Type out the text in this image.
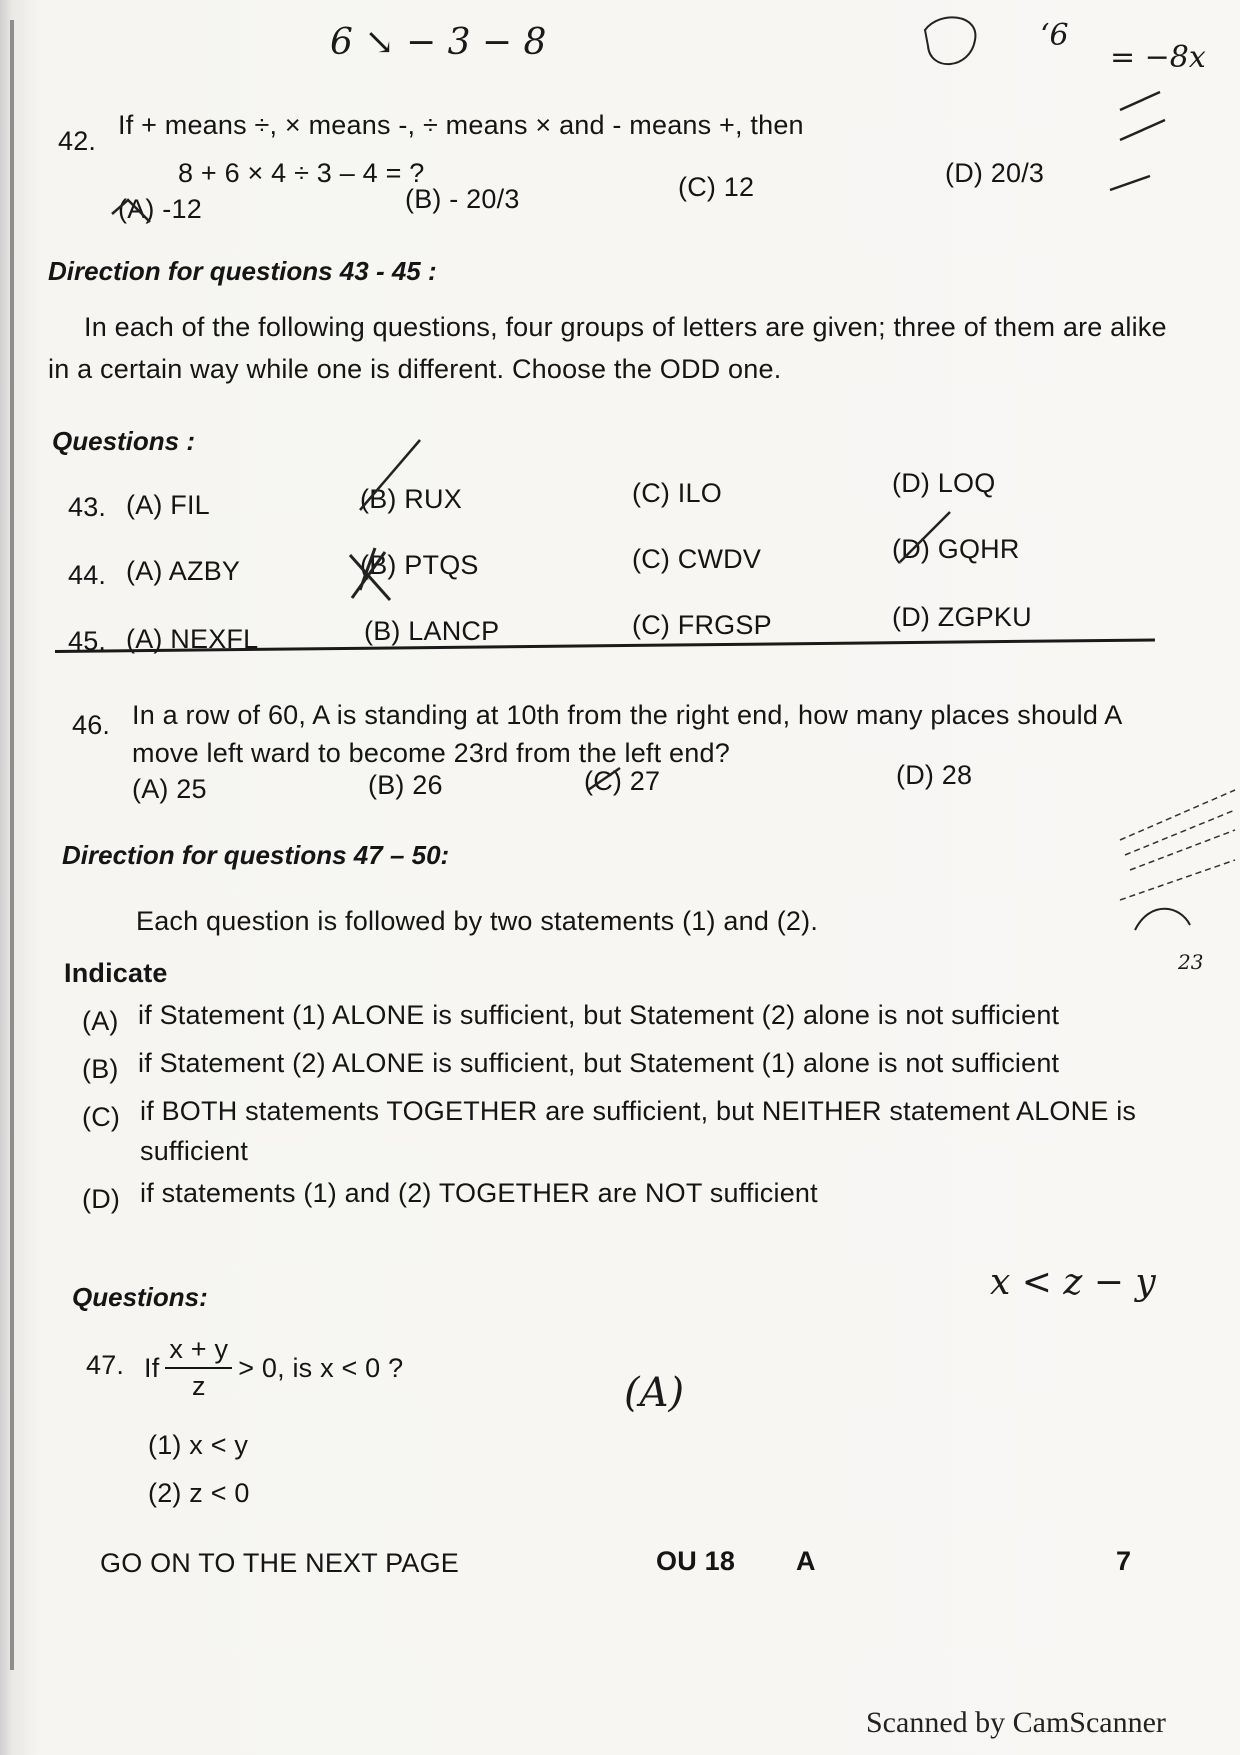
6 ↘ − 3 − 8	‘6
= −8x
42.
If + means ÷, × means -, ÷ means × and - means +, then
8 + 6 × 4 ÷ 3 – 4 = ?
(A) -12	(B) - 20/3	(C) 12	(D) 20/3
Direction for questions 43 - 45 :
In each of the following questions, four groups of letters are given; three of them are alike
in a certain way while one is different. Choose the ODD one.
Questions :
43. (A) FIL	(B) RUX	(C) ILO	(D) LOQ
44. (A) AZBY	(B) PTQS	(C) CWDV	(D) GQHR
45. (A) NEXFL	(B) LANCP	(C) FRGSP	(D) ZGPKU
46. In a row of 60, A is standing at 10th from the right end, how many places should A
move left ward to become 23rd from the left end?
(A) 25	(B) 26	(C) 27	(D) 28
Direction for questions 47 – 50:
Each question is followed by two statements (1) and (2).
Indicate
(A) if Statement (1) ALONE is sufficient, but Statement (2) alone is not sufficient
(B) if Statement (2) ALONE is sufficient, but Statement (1) alone is not sufficient
(C) if BOTH statements TOGETHER are sufficient, but NEITHER statement ALONE is
sufficient
(D) if statements (1) and (2) TOGETHER are NOT sufficient
Questions:
47. If $\frac{x + y}{z} > 0$, is x < 0 ?
(1) x < y
(2) z < 0
(A)
x < z − y
23
GO ON TO THE NEXT PAGE	OU 18 A	7
Scanned by CamScanner
